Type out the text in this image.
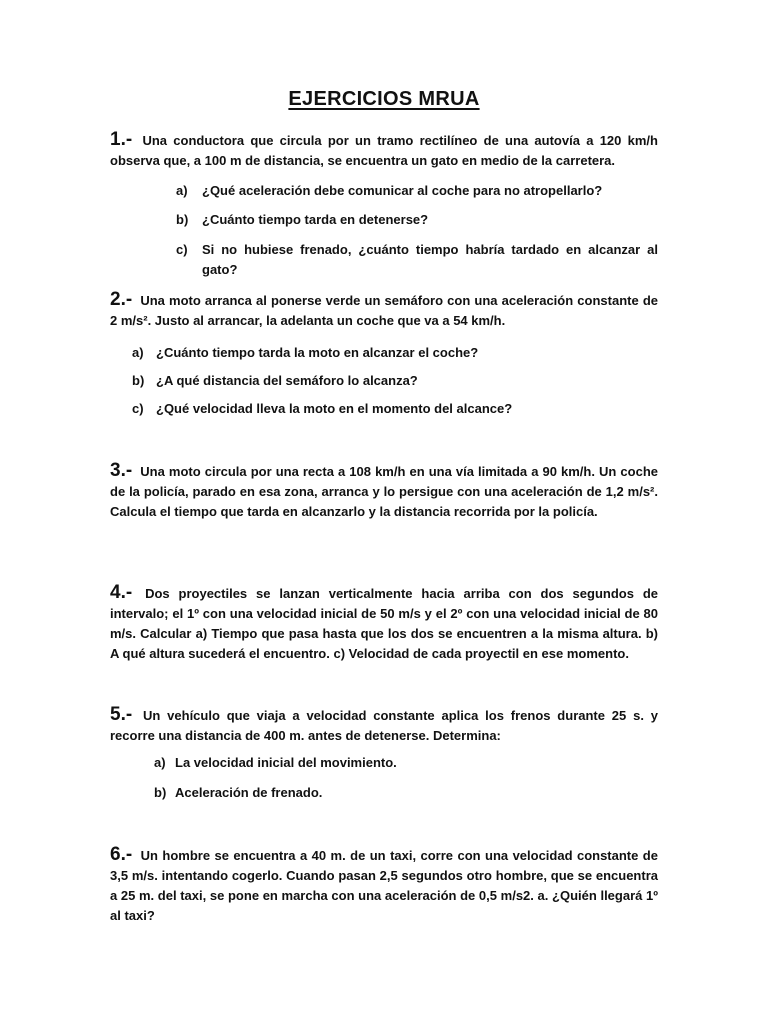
EJERCICIOS MRUA
1.- Una conductora que circula por un tramo rectilíneo de una autovía a 120 km/h observa que, a 100 m de distancia, se encuentra un gato en medio de la carretera.
a) ¿Qué aceleración debe comunicar al coche para no atropellarlo?
b) ¿Cuánto tiempo tarda en detenerse?
c) Si no hubiese frenado, ¿cuánto tiempo habría tardado en alcanzar al gato?
2.- Una moto arranca al ponerse verde un semáforo con una aceleración constante de 2 m/s². Justo al arrancar, la adelanta un coche que va a 54 km/h.
a) ¿Cuánto tiempo tarda la moto en alcanzar el coche?
b) ¿A qué distancia del semáforo lo alcanza?
c) ¿Qué velocidad lleva la moto en el momento del alcance?
3.- Una moto circula por una recta a 108 km/h en una vía limitada a 90 km/h. Un coche de la policía, parado en esa zona, arranca y lo persigue con una aceleración de 1,2 m/s². Calcula el tiempo que tarda en alcanzarlo y la distancia recorrida por la policía.
4.- Dos proyectiles se lanzan verticalmente hacia arriba con dos segundos de intervalo; el 1º con una velocidad inicial de 50 m/s y el 2º con una velocidad inicial de 80 m/s. Calcular a) Tiempo que pasa hasta que los dos se encuentren a la misma altura. b) A qué altura sucederá el encuentro. c) Velocidad de cada proyectil en ese momento.
5.- Un vehículo que viaja a velocidad constante aplica los frenos durante 25 s. y recorre una distancia de 400 m. antes de detenerse. Determina:
a) La velocidad inicial del movimiento.
b) Aceleración de frenado.
6.- Un hombre se encuentra a 40 m. de un taxi, corre con una velocidad constante de 3,5 m/s. intentando cogerlo. Cuando pasan 2,5 segundos otro hombre, que se encuentra a 25 m. del taxi, se pone en marcha con una aceleración de 0,5 m/s2. a. ¿Quién llegará 1º al taxi?
